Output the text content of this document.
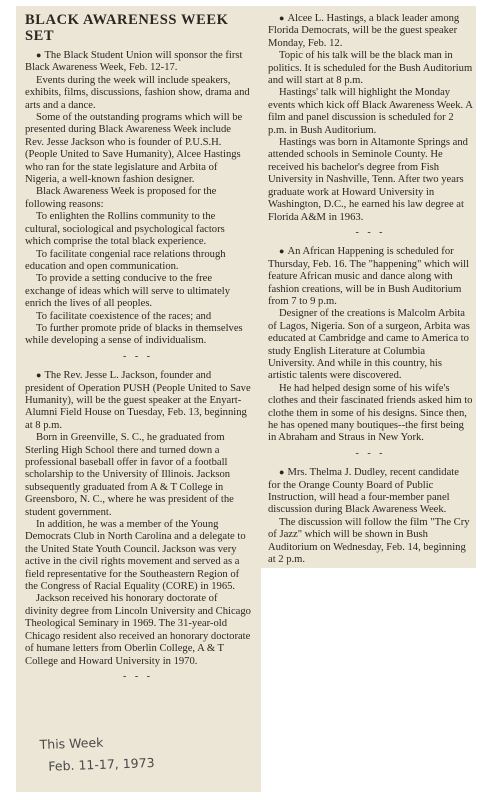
BLACK AWARENESS WEEK SET

● The Black Student Union will sponsor the first Black Awareness Week, Feb. 12-17.

Events during the week will include speakers, exhibits, films, discussions, fashion show, drama and arts and a dance.

Some of the outstanding programs which will be presented during Black Awareness Week include Rev. Jesse Jackson who is founder of P.U.S.H. (People United to Save Humanity), Alcee Hastings who ran for the state legislature and Arbita of Nigeria, a well-known fashion designer.

Black Awareness Week is proposed for the following reasons:

To enlighten the Rollins community to the cultural, sociological and psychological factors which comprise the total black experience.

To facilitate congenial race relations through education and open communication.

To provide a setting conducive to the free exchange of ideas which will serve to ultimately enrich the lives of all peoples.

To facilitate coexistence of the races; and

To further promote pride of blacks in themselves while developing a sense of individualism.

- - -

● The Rev. Jesse L. Jackson, founder and president of Operation PUSH (People United to Save Humanity), will be the guest speaker at the Enyart-Alumni Field House on Tuesday, Feb. 13, beginning at 8 p.m.

Born in Greenville, S. C., he graduated from Sterling High School there and turned down a professional baseball offer in favor of a football scholarship to the University of Illinois. Jackson subsequently graduated from A & T College in Greensboro, N. C., where he was president of the student government.

In addition, he was a member of the Young Democrats Club in North Carolina and a delegate to the United State Youth Council. Jackson was very active in the civil rights movement and served as a field representative for the Southeastern Region of the Congress of Racial Equality (CORE) in 1965.

Jackson received his honorary doctorate of divinity degree from Lincoln University and Chicago Theological Seminary in 1969. The 31-year-old Chicago resident also received an honorary doctorate of humane letters from Oberlin College, A & T College and Howard University in 1970.

- - -

● Alcee L. Hastings, a black leader among Florida Democrats, will be the guest speaker Monday, Feb. 12.

Topic of his talk will be the black man in politics. It is scheduled for the Bush Auditorium and will start at 8 p.m.

Hastings' talk will highlight the Monday events which kick off Black Awareness Week. A film and panel discussion is scheduled for 2 p.m. in Bush Auditorium.

Hastings was born in Altamonte Springs and attended schools in Seminole County. He received his bachelor's degree from Fish University in Nashville, Tenn. After two years graduate work at Howard University in Washington, D.C., he earned his law degree at Florida A&M in 1963.

- - -

● An African Happening is scheduled for Thursday, Feb. 16. The "happening" which will feature African music and dance along with fashion creations, will be in Bush Auditorium from 7 to 9 p.m.

Designer of the creations is Malcolm Arbita of Lagos, Nigeria. Son of a surgeon, Arbita was educated at Cambridge and came to America to study English Literature at Columbia University. And while in this country, his artistic talents were discovered.

He had helped design some of his wife's clothes and their fascinated friends asked him to clothe them in some of his designs. Since then, he has opened many boutiques--the first being in Abraham and Straus in New York.

- - -

● Mrs. Thelma J. Dudley, recent candidate for the Orange County Board of Public Instruction, will head a four-member panel discussion during Black Awareness Week.

The discussion will follow the film "The Cry of Jazz" which will be shown in Bush Auditorium on Wednesday, Feb. 14, beginning at 2 p.m.

This Week
Feb. 11-17, 1973
